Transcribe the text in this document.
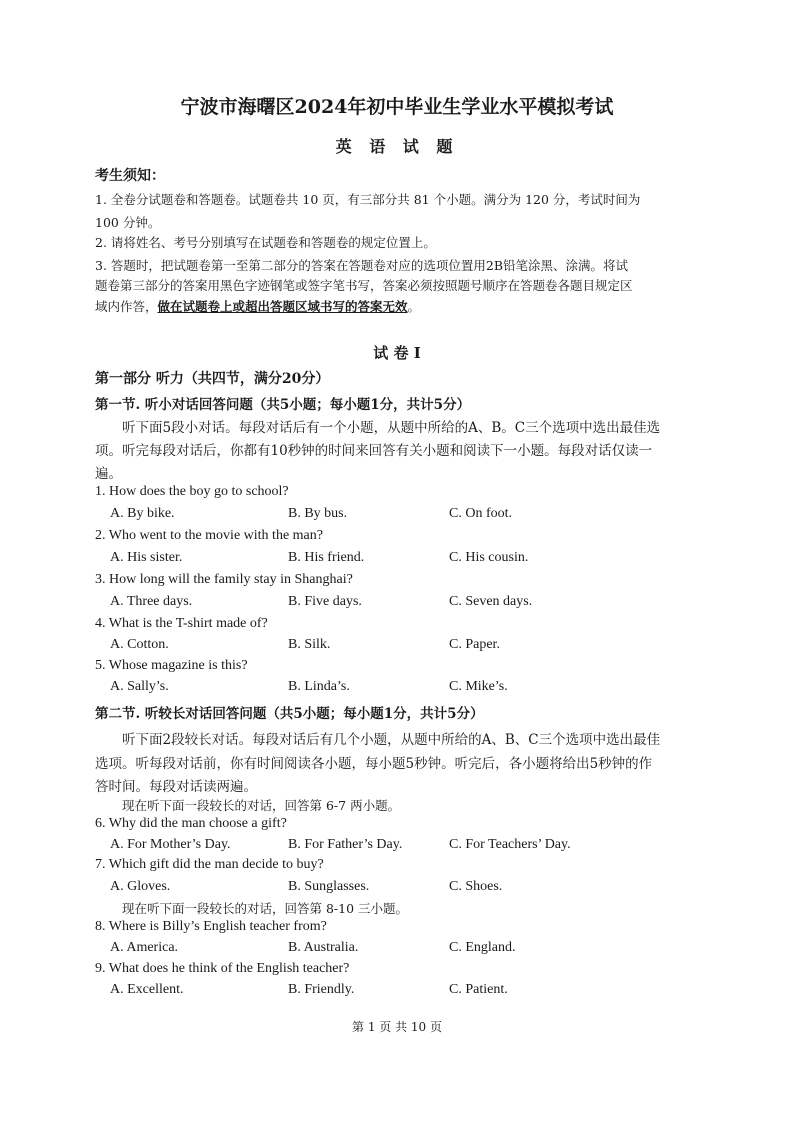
宁波市海曙区2024年初中毕业生学业水平模拟考试
英 语 试 题
考生须知：
1. 全卷分试题卷和答题卷。试题卷共 10 页，有三部分共 81 个小题。满分为 120 分，考试时间为
100 分钟。
2. 请将姓名、考号分别填写在试题卷和答题卷的规定位置上。
3. 答题时，把试题卷第一至第二部分的答案在答题卷对应的选项位置用2B铅笔涂黑、涂满。将试
题卷第三部分的答案用黑色字迹钢笔或签字笔书写，答案必须按照题号顺序在答题卷各题目规定区
域内作答，做在试题卷上或超出答题区域书写的答案无效。
试 卷 I
第一部分 听力（共四节，满分20分）
第一节. 听小对话回答问题（共5小题；每小题1分，共计5分）
听下面5段小对话。每段对话后有一个小题，从题中所给的A、B。C三个选项中选出最佳选
项。听完每段对话后，你都有10秒钟的时间来回答有关小题和阅读下一小题。每段对话仅读一
遍。
1. How does the boy go to school?
A. By bike.	B. By bus.	C. On foot.
2. Who went to the movie with the man?
A. His sister.	B. His friend.	C. His cousin.
3. How long will the family stay in Shanghai?
A. Three days.	B. Five days.	C. Seven days.
4. What is the T-shirt made of?
A. Cotton.	B. Silk.	C. Paper.
5. Whose magazine is this?
A. Sally’s.	B. Linda’s.	C. Mike’s.
第二节. 听较长对话回答问题（共5小题；每小题1分，共计5分）
听下面2段较长对话。每段对话后有几个小题，从题中所给的A、B、C三个选项中选出最佳
选项。听每段对话前，你有时间阅读各小题，每小题5秒钟。听完后，各小题将给出5秒钟的作
答时间。每段对话读两遍。
现在听下面一段较长的对话，回答第 6-7 两小题。
6. Why did the man choose a gift?
A. For Mother’s Day.	B. For Father’s Day.	C. For Teachers’ Day.
7. Which gift did the man decide to buy?
A. Gloves.	B. Sunglasses.	C. Shoes.
现在听下面一段较长的对话，回答第 8-10 三小题。
8. Where is Billy’s English teacher from?
A. America.	B. Australia.	C. England.
9. What does he think of the English teacher?
A. Excellent.	B. Friendly.	C. Patient.
第 1 页 共 10 页
